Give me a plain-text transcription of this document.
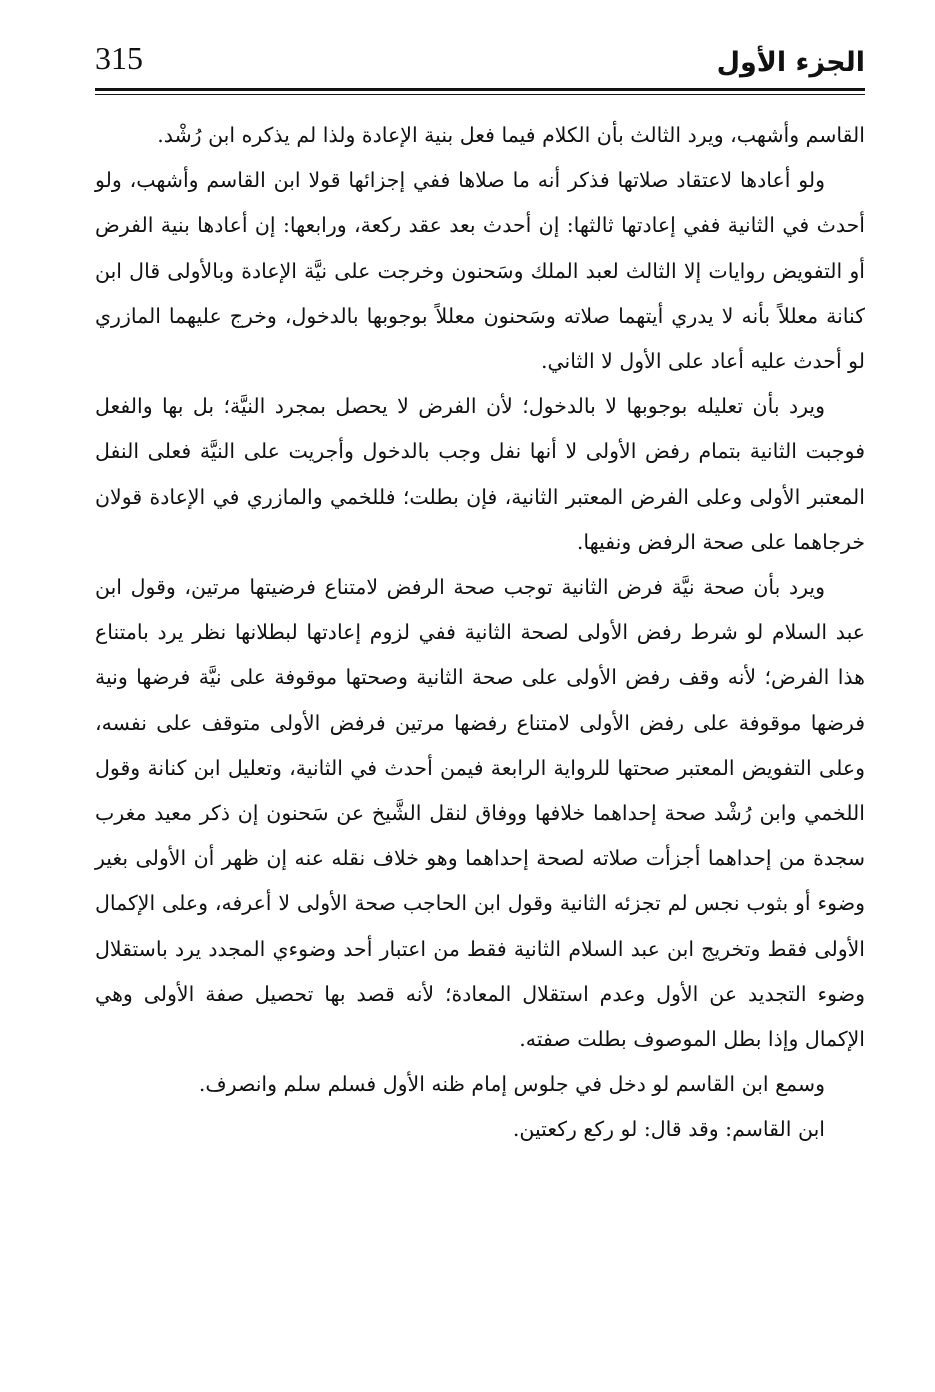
315	الجزء الأول

القاسم وأشهب، ويرد الثالث بأن الكلام فيما فعل بنية الإعادة ولذا لم يذكره ابن رُشْد.

ولو أعادها لاعتقاد صلاتها فذكر أنه ما صلاها ففي إجزائها قولا ابن القاسم وأشهب، ولو أحدث في الثانية ففي إعادتها ثالثها: إن أحدث بعد عقد ركعة، ورابعها: إن أعادها بنية الفرض أو التفويض روايات إلا الثالث لعبد الملك وسَحنون وخرجت على نيَّة الإعادة وبالأولى قال ابن كنانة معللاً بأنه لا يدري أيتهما صلاته وسَحنون معللاً بوجوبها بالدخول، وخرج عليهما المازري لو أحدث عليه أعاد على الأول لا الثاني.

ويرد بأن تعليله بوجوبها لا بالدخول؛ لأن الفرض لا يحصل بمجرد النيَّة؛ بل بها والفعل فوجبت الثانية بتمام رفض الأولى لا أنها نفل وجب بالدخول وأجريت على النيَّة فعلى النفل المعتبر الأولى وعلى الفرض المعتبر الثانية، فإن بطلت؛ فللخمي والمازري في الإعادة قولان خرجاهما على صحة الرفض ونفيها.

ويرد بأن صحة نيَّة فرض الثانية توجب صحة الرفض لامتناع فرضيتها مرتين، وقول ابن عبد السلام لو شرط رفض الأولى لصحة الثانية ففي لزوم إعادتها لبطلانها نظر يرد بامتناع هذا الفرض؛ لأنه وقف رفض الأولى على صحة الثانية وصحتها موقوفة على نيَّة فرضها ونية فرضها موقوفة على رفض الأولى لامتناع رفضها مرتين فرفض الأولى متوقف على نفسه، وعلى التفويض المعتبر صحتها للرواية الرابعة فيمن أحدث في الثانية، وتعليل ابن كنانة وقول اللخمي وابن رُشْد صحة إحداهما خلافها ووفاق لنقل الشَّيخ عن سَحنون إن ذكر معيد مغرب سجدة من إحداهما أجزأت صلاته لصحة إحداهما وهو خلاف نقله عنه إن ظهر أن الأولى بغير وضوء أو بثوب نجس لم تجزئه الثانية وقول ابن الحاجب صحة الأولى لا أعرفه، وعلى الإكمال الأولى فقط وتخريج ابن عبد السلام الثانية فقط من اعتبار أحد وضوءي المجدد يرد باستقلال وضوء التجديد عن الأول وعدم استقلال المعادة؛ لأنه قصد بها تحصيل صفة الأولى وهي الإكمال وإذا بطل الموصوف بطلت صفته.

وسمع ابن القاسم لو دخل في جلوس إمام ظنه الأول فسلم سلم وانصرف.

ابن القاسم: وقد قال: لو ركع ركعتين.
